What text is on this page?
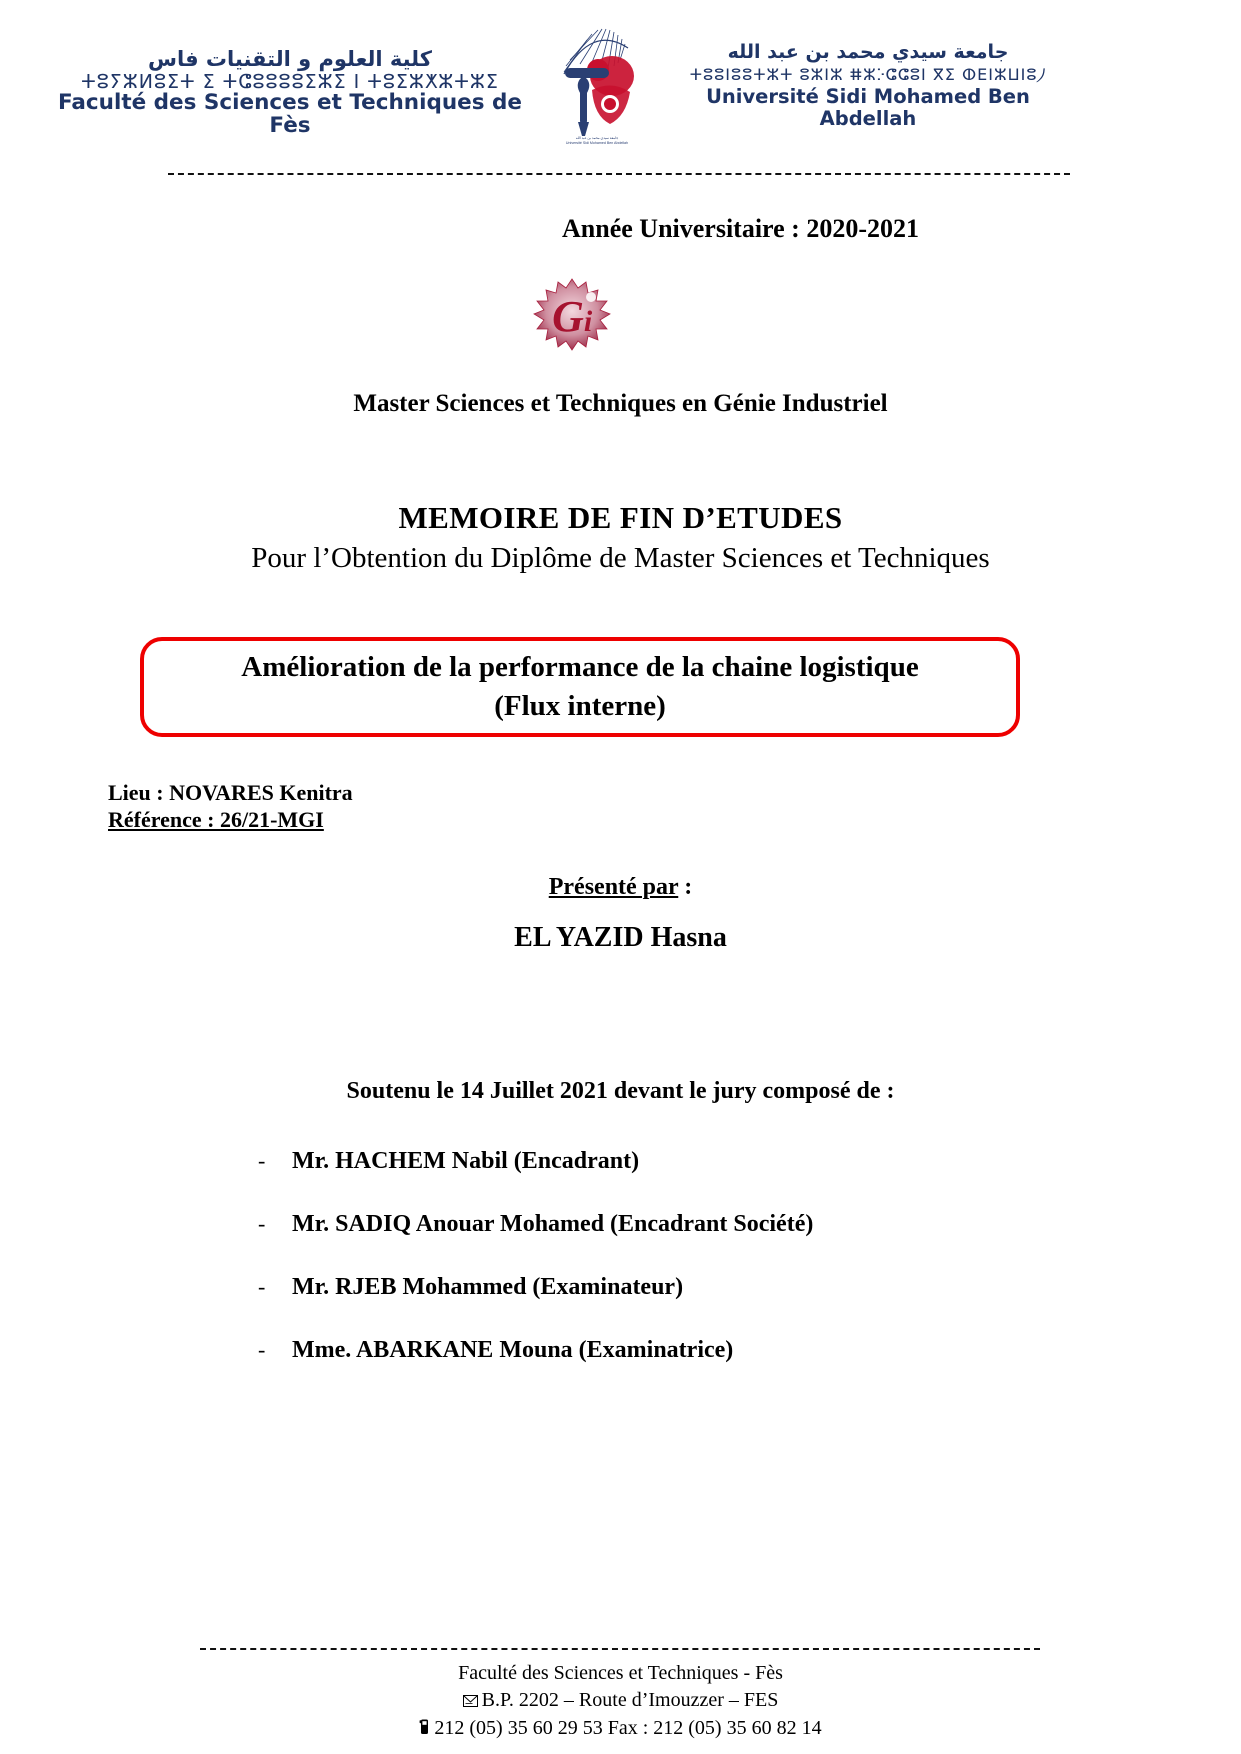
كلية العلوم و التقنيات فاس
ⵜⵓⵢⵣⵍⵓⵉⵜ ⵉ ⵜⵛⵓⵓⵓⵓⵉⵣⵉ ⵏ ⵜⵓⵉⵣⵅⵣⵜⵣⵉ
Faculté des Sciences et Techniques de Fès	جامعة سيدي محمد بن عبد الله
Université Sidi Mohamed Ben Abdellah
جامعة سيدي محمد بن عبد الله
ⵜⵓⵓⵏⵓⵓⵜⵣⵜ ⵓⵣⵏⵣ ⵌⵣⴾⵛⵛⵓⵏ ⴳⵉ ⵀⴹⵏⵣⵡⵏⵓ⵰
Université Sidi Mohamed Ben Abdellah
Année Universitaire : 2020-2021
G i
Master Sciences et Techniques en Génie Industriel
MEMOIRE DE FIN D’ETUDES
Pour l’Obtention du Diplôme de Master Sciences et Techniques
Amélioration de la performance de la chaine logistique
(Flux interne)
Lieu : NOVARES Kenitra
Référence : 26/21-MGI
Présenté par :
EL YAZID Hasna
Soutenu le 14 Juillet 2021 devant le jury composé de :
-	Mr. HACHEM Nabil (Encadrant)
-	Mr. SADIQ Anouar Mohamed (Encadrant Société)
-	Mr. RJEB Mohammed (Examinateur)
-	Mme. ABARKANE Mouna (Examinatrice)
Faculté des Sciences et Techniques - Fès
B.P. 2202 – Route d’Imouzzer – FES
212 (05) 35 60 29 53 Fax : 212 (05) 35 60 82 14
